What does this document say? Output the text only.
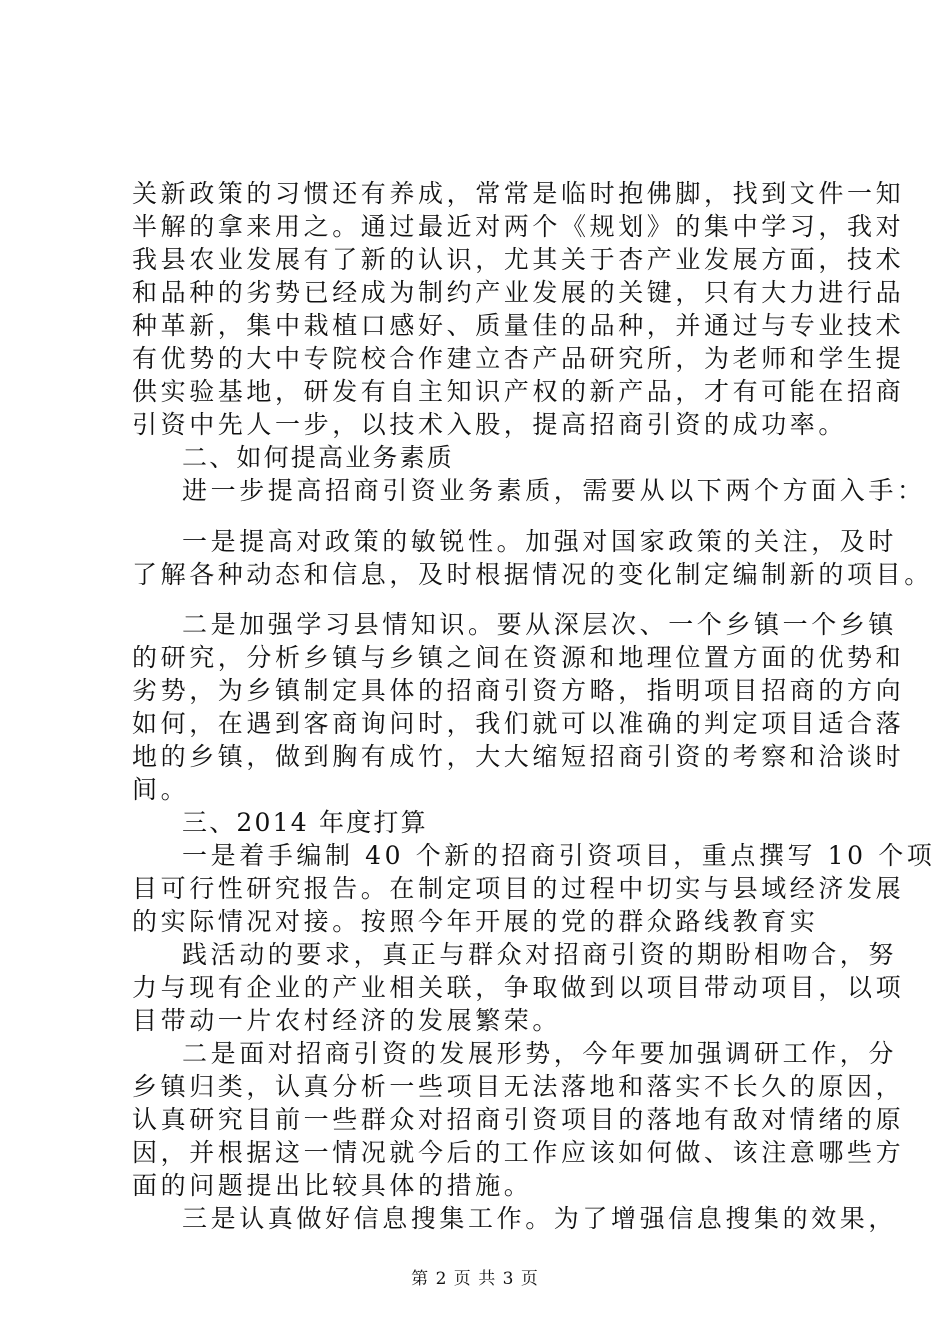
关新政策的习惯还有养成，常常是临时抱佛脚，找到文件一知
半解的拿来用之。通过最近对两个《规划》的集中学习，我对
我县农业发展有了新的认识，尤其关于杏产业发展方面，技术
和品种的劣势已经成为制约产业发展的关键，只有大力进行品
种革新，集中栽植口感好、质量佳的品种，并通过与专业技术
有优势的大中专院校合作建立杏产品研究所，为老师和学生提
供实验基地，研发有自主知识产权的新产品，才有可能在招商
引资中先人一步，以技术入股，提高招商引资的成功率。
二、如何提高业务素质
进一步提高招商引资业务素质，需要从以下两个方面入手：
一是提高对政策的敏锐性。加强对国家政策的关注，及时
了解各种动态和信息，及时根据情况的变化制定编制新的项目。
二是加强学习县情知识。要从深层次、一个乡镇一个乡镇
的研究，分析乡镇与乡镇之间在资源和地理位置方面的优势和
劣势，为乡镇制定具体的招商引资方略，指明项目招商的方向
如何，在遇到客商询问时，我们就可以准确的判定项目适合落
地的乡镇，做到胸有成竹，大大缩短招商引资的考察和洽谈时
间。
三、2014 年度打算
一是着手编制 40 个新的招商引资项目，重点撰写 10 个项
目可行性研究报告。在制定项目的过程中切实与县域经济发展
的实际情况对接。按照今年开展的党的群众路线教育实
践活动的要求，真正与群众对招商引资的期盼相吻合，努
力与现有企业的产业相关联，争取做到以项目带动项目，以项
目带动一片农村经济的发展繁荣。
二是面对招商引资的发展形势，今年要加强调研工作，分
乡镇归类，认真分析一些项目无法落地和落实不长久的原因，
认真研究目前一些群众对招商引资项目的落地有敌对情绪的原
因，并根据这一情况就今后的工作应该如何做、该注意哪些方
面的问题提出比较具体的措施。
三是认真做好信息搜集工作。为了增强信息搜集的效果，
第 2 页 共 3 页
